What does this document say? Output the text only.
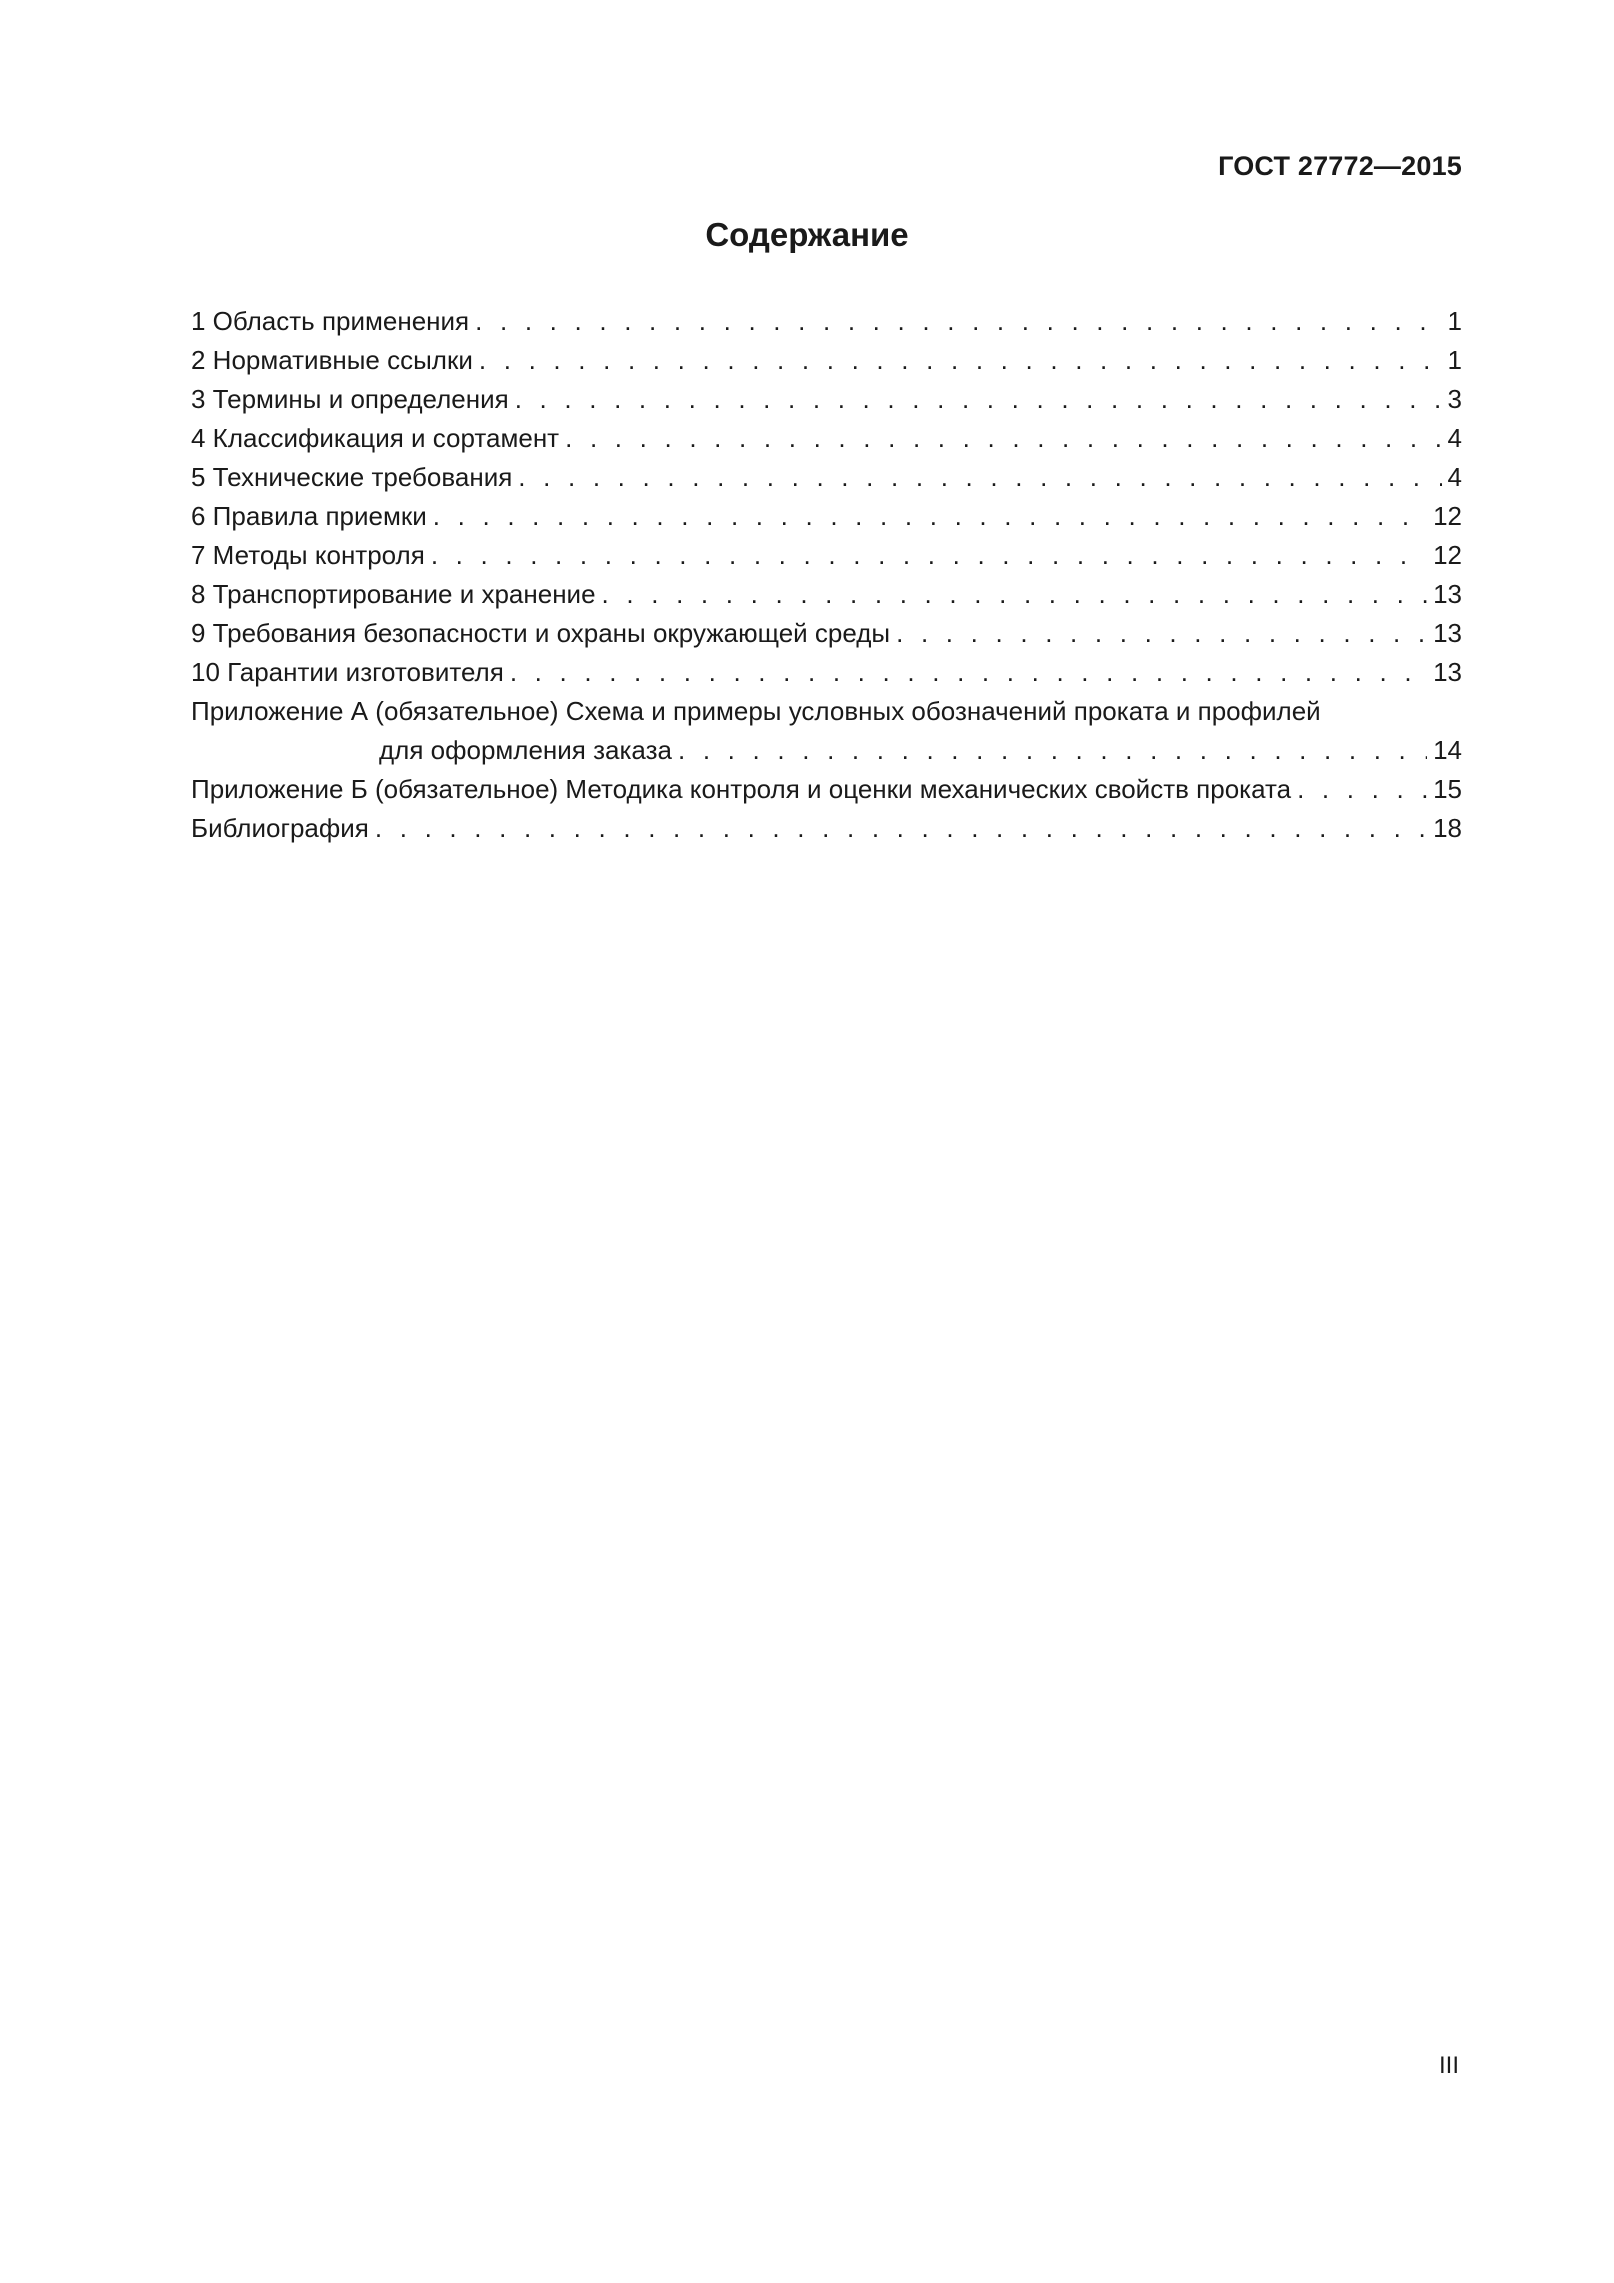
ГОСТ 27772—2015
Содержание
1 Область применения . . .	1
2 Нормативные ссылки . . .	1
3 Термины и определения . . .	3
4 Классификация и сортамент . . .	4
5 Технические требования . . .	4
6 Правила приемки . . .	12
7 Методы контроля . . .	12
8 Транспортирование и хранение . . .	13
9 Требования безопасности и охраны окружающей среды . . .	13
10 Гарантии изготовителя . . .	13
Приложение А (обязательное) Схема и примеры условных обозначений проката и профилей
для оформления заказа . . .	14
Приложение Б (обязательное) Методика контроля и оценки механических свойств проката . . .	15
Библиография . . .	18
III
